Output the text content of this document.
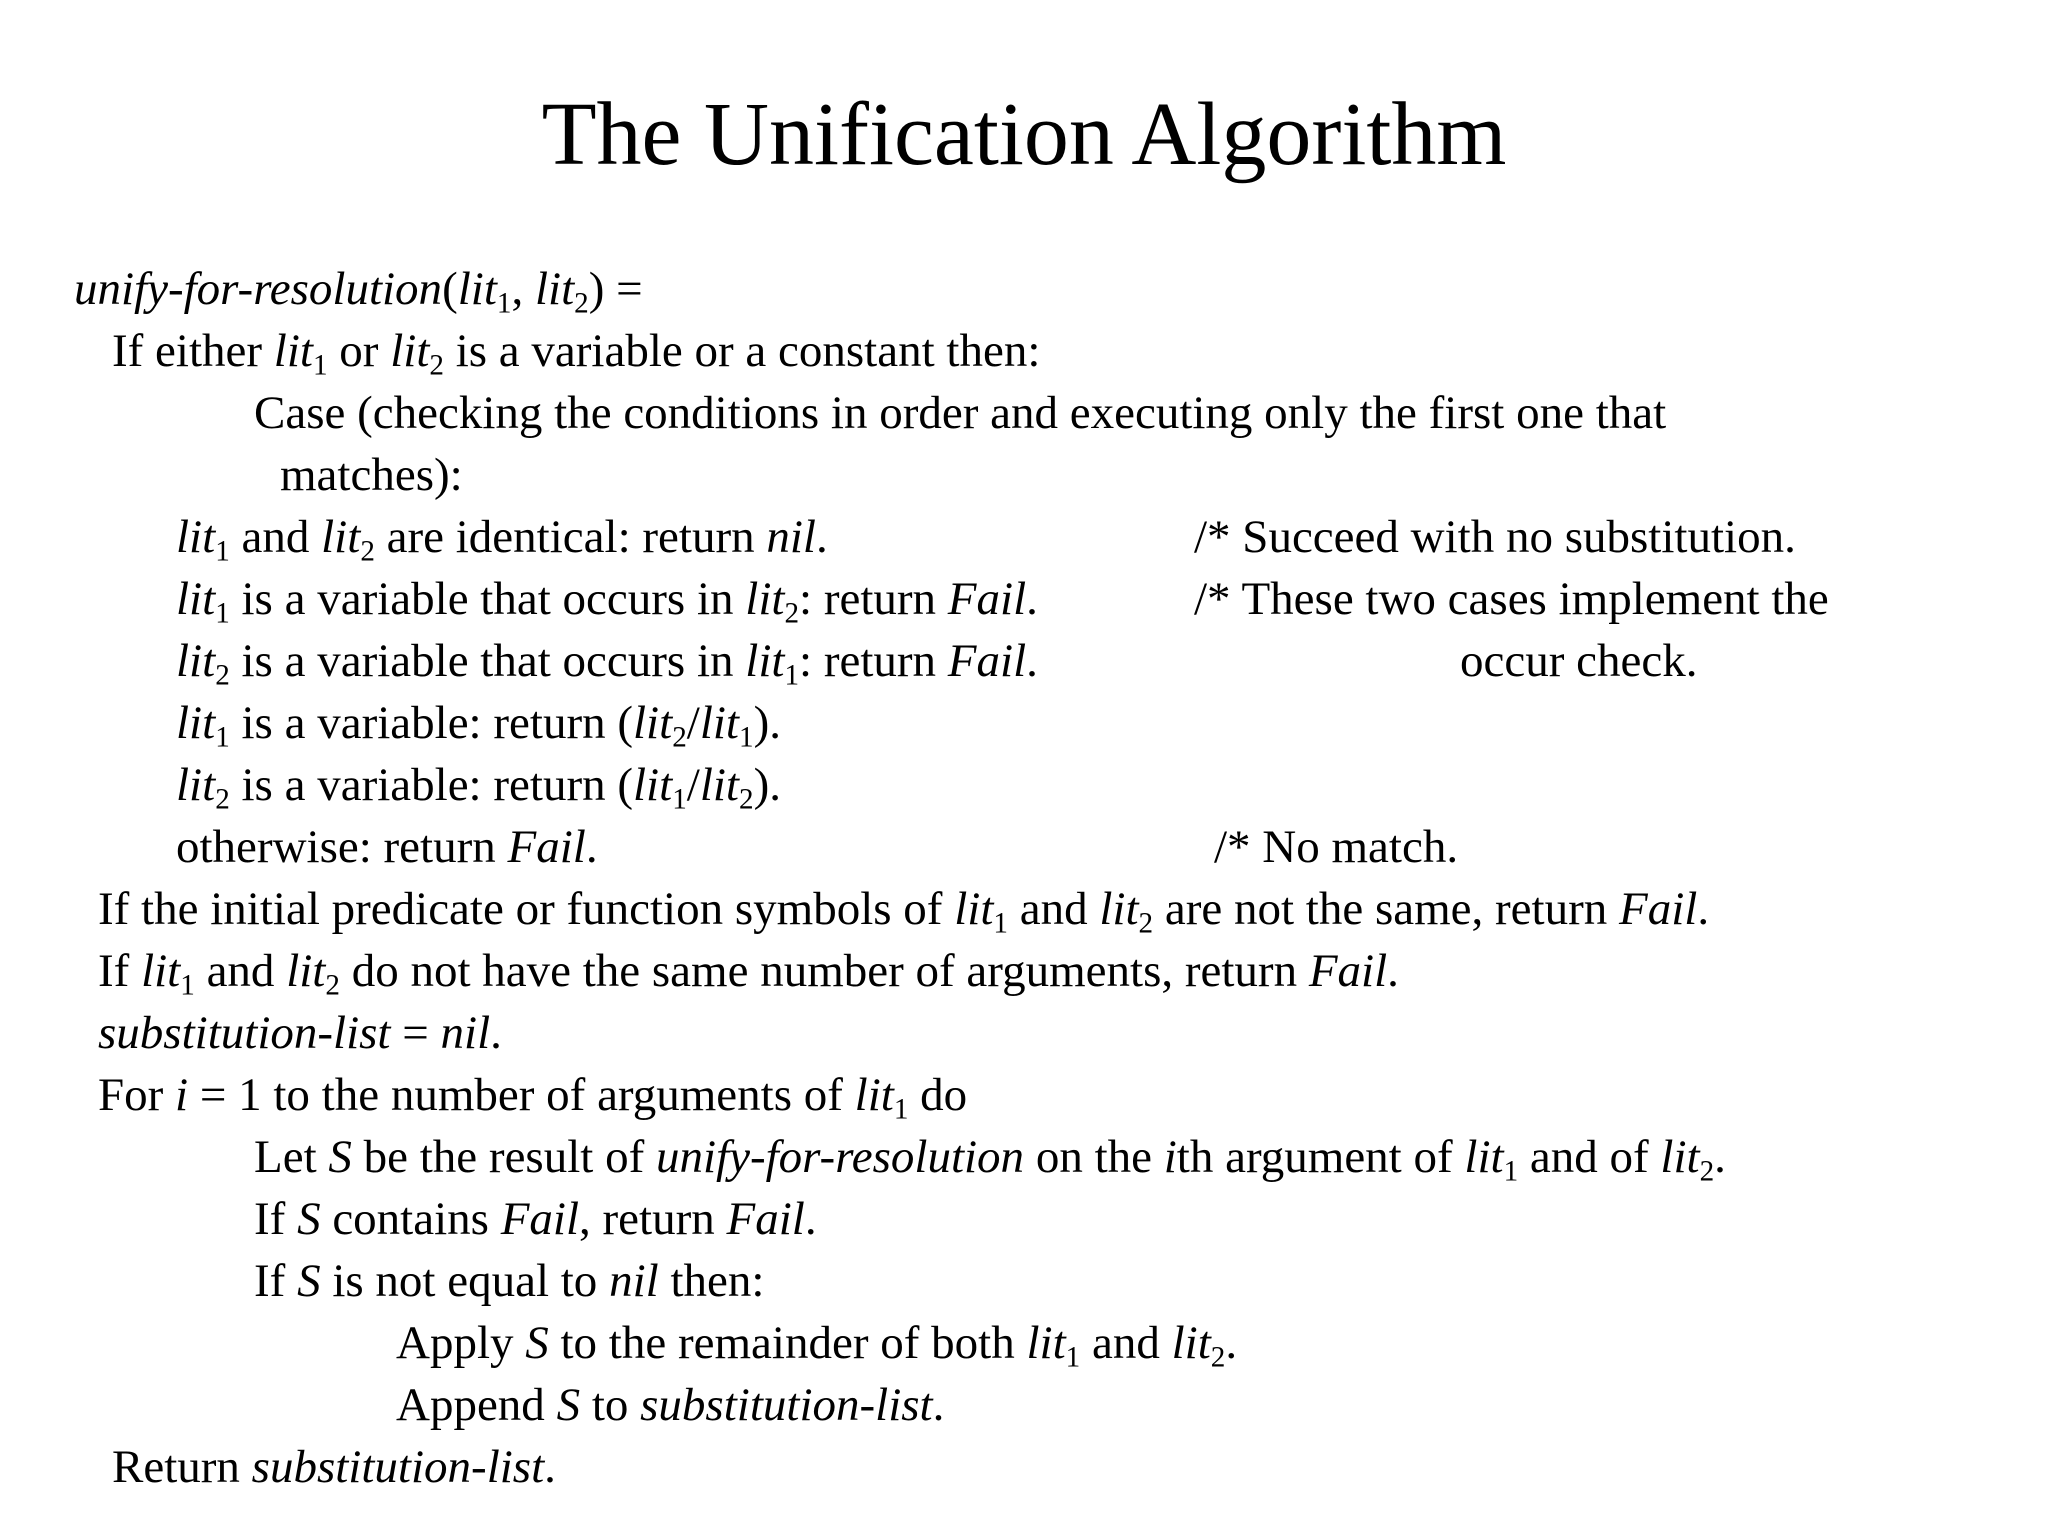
The Unification Algorithm
unify-for-resolution(lit$_1$, lit$_2$) =
If either lit$_1$ or lit$_2$ is a variable or a constant then:
Case (checking the conditions in order and executing only the first one that
matches):
lit$_1$ and lit$_2$ are identical: return nil.	/* Succeed with no substitution.
lit$_1$ is a variable that occurs in lit$_2$: return Fail.	/* These two cases implement the
lit$_2$ is a variable that occurs in lit$_1$: return Fail.	occur check.
lit$_1$ is a variable: return (lit$_2$/lit$_1$).
lit$_2$ is a variable: return (lit$_1$/lit$_2$).
otherwise: return Fail.	/* No match.
If the initial predicate or function symbols of lit$_1$ and lit$_2$ are not the same, return Fail.
If lit$_1$ and lit$_2$ do not have the same number of arguments, return Fail.
substitution-list = nil.
For i = 1 to the number of arguments of lit$_1$ do
Let S be the result of unify-for-resolution on the ith argument of lit$_1$ and of lit$_2$.
If S contains Fail, return Fail.
If S is not equal to nil then:
Apply S to the remainder of both lit$_1$ and lit$_2$.
Append S to substitution-list.
Return substitution-list.
